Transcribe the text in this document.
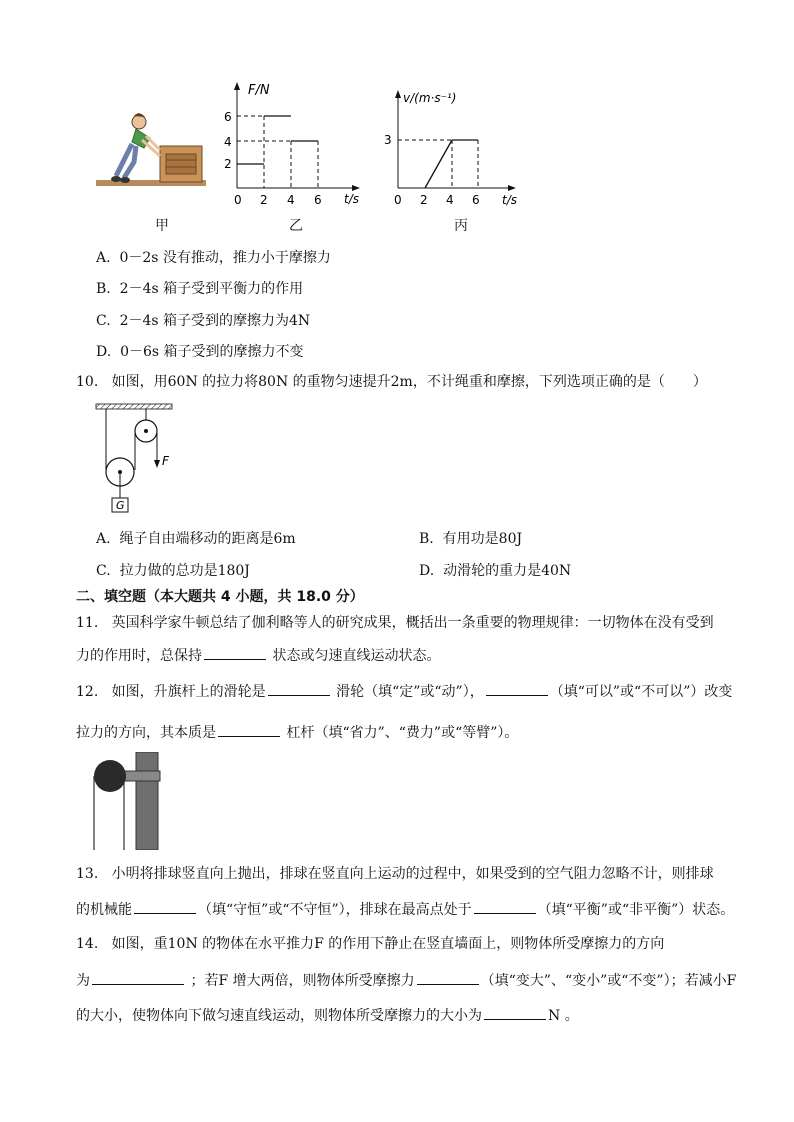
甲
F/N
t/s
2
4
6
0 2 4 6
乙
v/(m·s⁻¹)
t/s
3
0 2 4 6
丙
A. 0－2s 没有推动，推力小于摩擦力
B. 2－4s 箱子受到平衡力的作用
C. 2－4s 箱子受到的摩擦力为4N
D. 0－6s 箱子受到的摩擦力不变
10. 如图，用60N 的拉力将80N 的重物匀速提升2m，不计绳重和摩擦，下列选项正确的是（　　）
F
G
A. 绳子自由端移动的距离是6m	B. 有用功是80J
C. 拉力做的总功是180J	D. 动滑轮的重力是40N
二、填空题（本大题共 4 小题，共 18.0 分）
11. 英国科学家牛顿总结了伽利略等人的研究成果，概括出一条重要的物理规律：一切物体在没有受到
力的作用时，总保持	状态或匀速直线运动状态。
12. 如图，升旗杆上的滑轮是	滑轮（填“定”或“动”），	（填“可以”或“不可以”）改变
拉力的方向，其本质是	杠杆（填“省力”、“费力”或“等臂”）。
13. 小明将排球竖直向上抛出，排球在竖直向上运动的过程中，如果受到的空气阻力忽略不计，则排球
的机械能	（填“守恒”或“不守恒”），排球在最高点处于	（填“平衡”或“非平衡”）状态。
14. 如图，重10N 的物体在水平推力F 的作用下静止在竖直墙面上，则物体所受摩擦力的方向
为	；若F 增大两倍，则物体所受摩擦力	（填“变大”、“变小”或“不变”）；若减小F
的大小，使物体向下做匀速直线运动，则物体所受摩擦力的大小为	N 。
